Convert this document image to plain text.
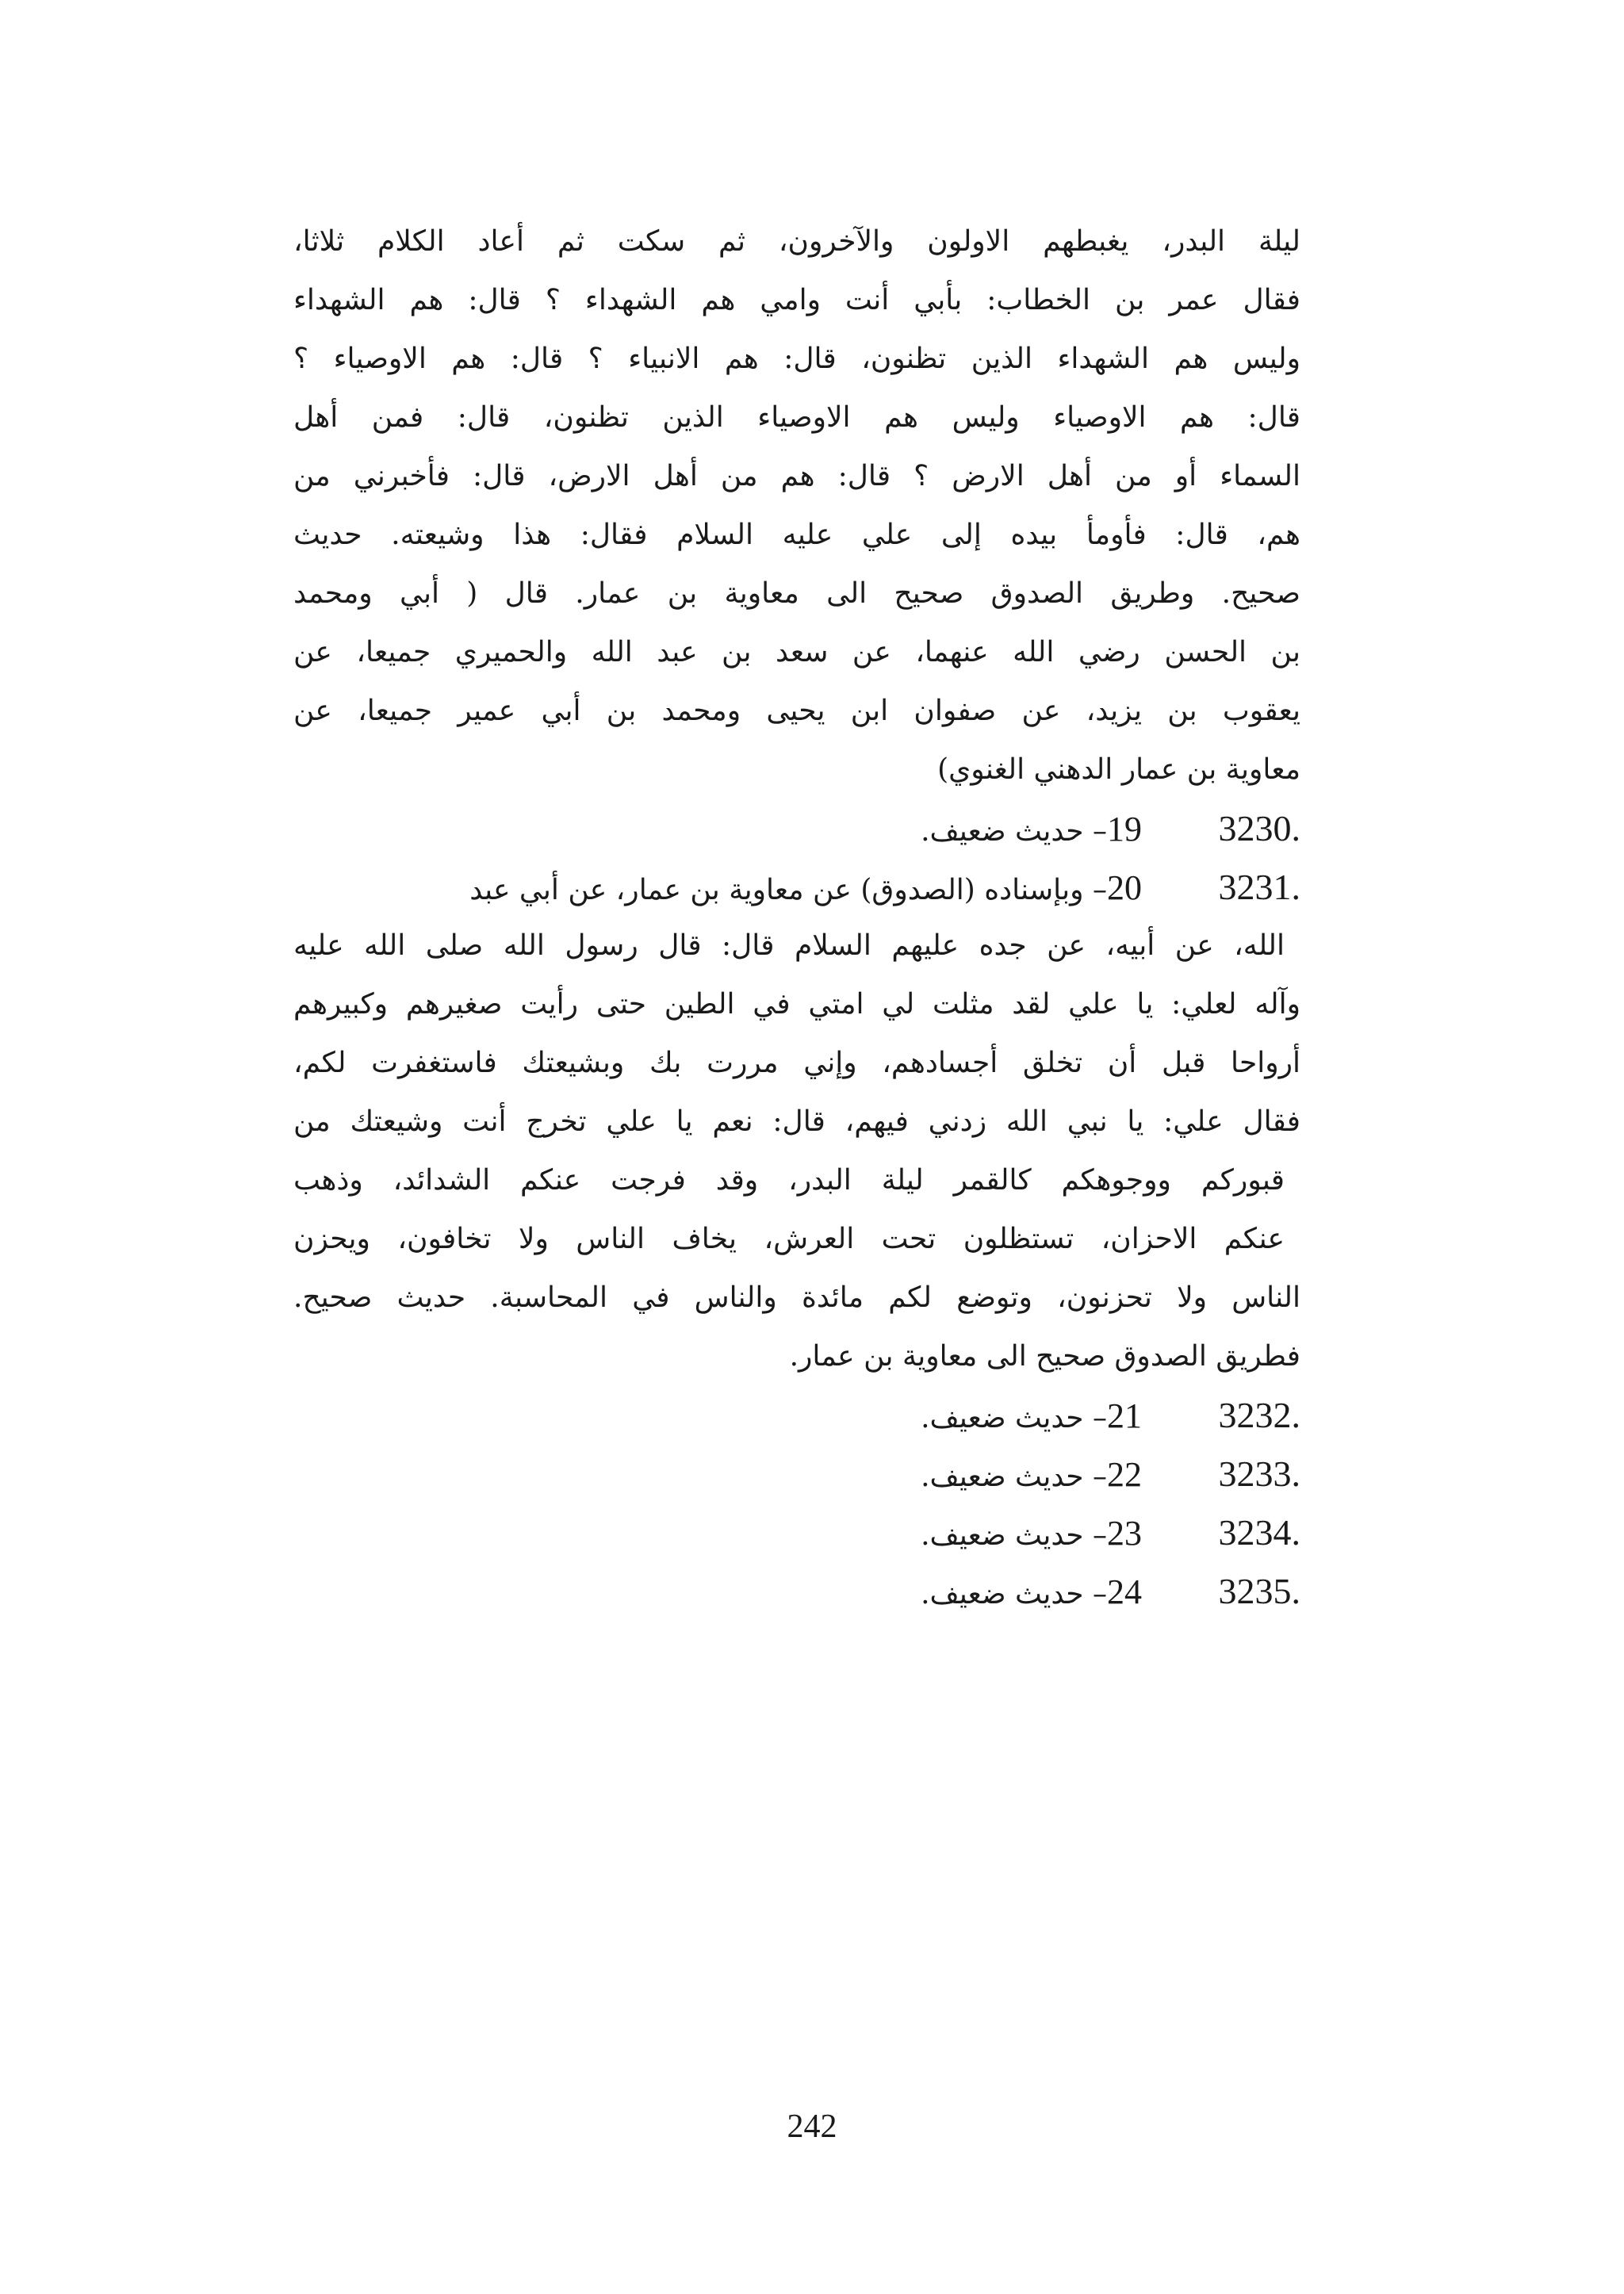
ليلة البدر، يغبطهم الاولون والآخرون، ثم سكت ثم أعاد الكلام ثلاثا،
فقال عمر بن الخطاب: بأبي أنت وامي هم الشهداء ؟ قال: هم الشهداء
وليس هم الشهداء الذين تظنون، قال: هم الانبياء ؟ قال: هم الاوصياء ؟
قال: هم الاوصياء وليس هم الاوصياء الذين تظنون، قال: فمن أهل
السماء أو من أهل الارض ؟ قال: هم من أهل الارض، قال: فأخبرني من
هم، قال: فأومأ بيده إلى علي عليه السلام فقال: هذا وشيعته. حديث
صحيح. وطريق الصدوق صحيح الى معاوية بن عمار. قال ( أبي ومحمد
بن الحسن رضي الله عنهما، عن سعد بن عبد الله والحميري جميعا، عن
يعقوب بن يزيد، عن صفوان ابن يحيى ومحمد بن أبي عمير جميعا، عن
معاوية بن عمار الدهني الغنوي)
3230.
19
– حديث ضعيف.
3231.
20
– وبإسناده (الصدوق) عن معاوية بن عمار، عن أبي عبد
الله، عن أبيه، عن جده عليهم السلام قال: قال رسول الله صلى الله عليه
وآله لعلي: يا علي لقد مثلت لي امتي في الطين حتى رأيت صغيرهم وكبيرهم
أرواحا قبل أن تخلق أجسادهم، وإني مررت بك وبشيعتك فاستغفرت لكم،
فقال علي: يا نبي الله زدني فيهم، قال: نعم يا علي تخرج أنت وشيعتك من
قبوركم ووجوهكم كالقمر ليلة البدر، وقد فرجت عنكم الشدائد، وذهب
عنكم الاحزان، تستظلون تحت العرش، يخاف الناس ولا تخافون، ويحزن
الناس ولا تحزنون، وتوضع لكم مائدة والناس في المحاسبة. حديث صحيح.
فطريق الصدوق صحيح الى معاوية بن عمار.
3232.
21
– حديث ضعيف.
3233.
22
– حديث ضعيف.
3234.
23
– حديث ضعيف.
3235.
24
– حديث ضعيف.
242
